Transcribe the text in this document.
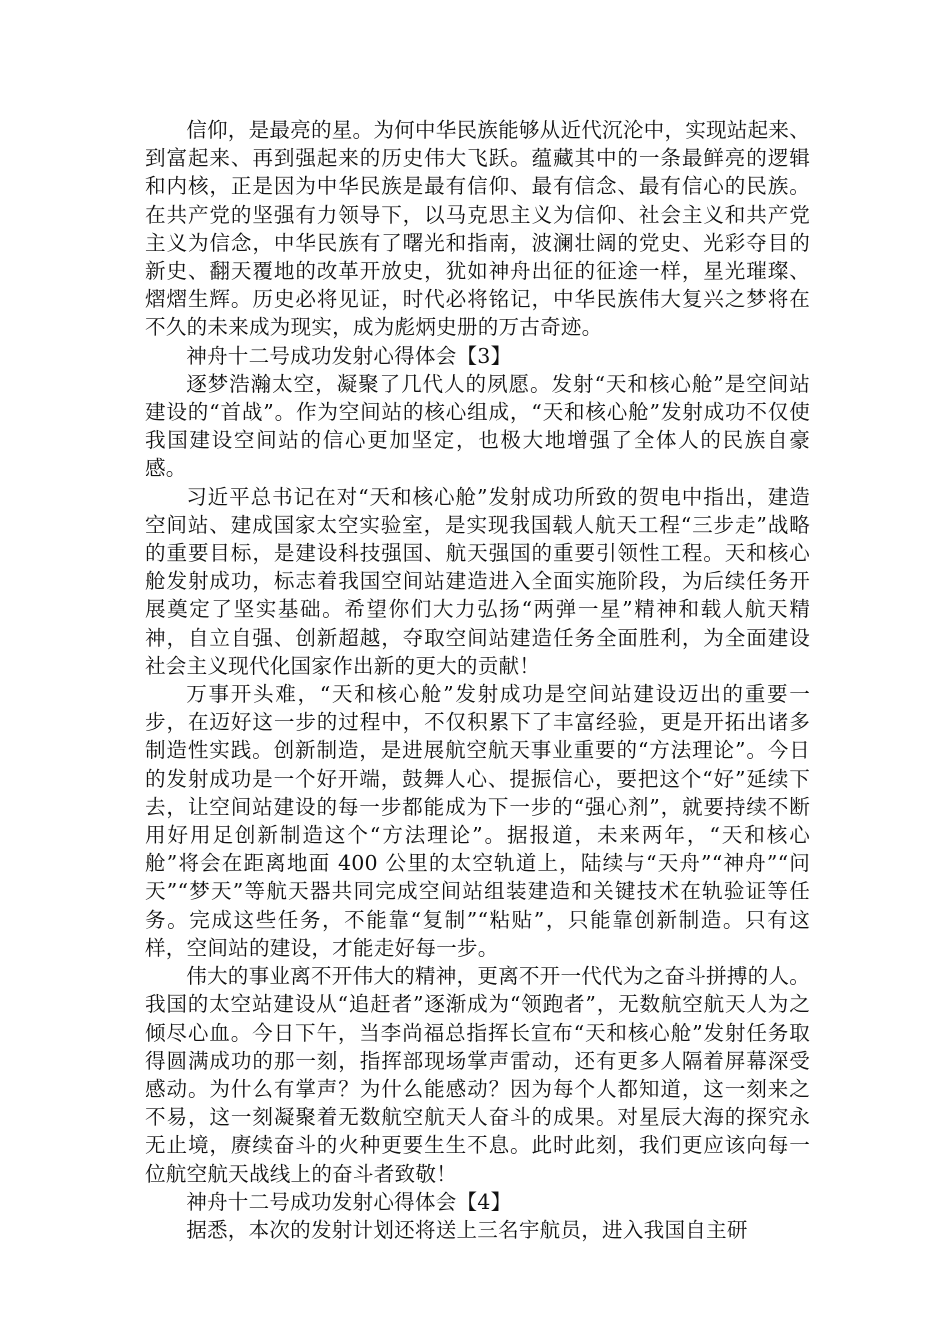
信仰，是最亮的星。为何中华民族能够从近代沉沦中，实现站起来、到富起来、再到强起来的历史伟大飞跃。蕴藏其中的一条最鲜亮的逻辑和内核，正是因为中华民族是最有信仰、最有信念、最有信心的民族。在共产党的坚强有力领导下，以马克思主义为信仰、社会主义和共产党主义为信念，中华民族有了曙光和指南，波澜壮阔的党史、光彩夺目的新史、翻天覆地的改革开放史，犹如神舟出征的征途一样，星光璀璨、熠熠生辉。历史必将见证，时代必将铭记，中华民族伟大复兴之梦将在不久的未来成为现实，成为彪炳史册的万古奇迹。

神舟十二号成功发射心得体会【3】

逐梦浩瀚太空，凝聚了几代人的夙愿。发射“天和核心舱”是空间站建设的“首战”。作为空间站的核心组成，“天和核心舱”发射成功不仅使我国建设空间站的信心更加坚定，也极大地增强了全体人的民族自豪感。

习近平总书记在对“天和核心舱”发射成功所致的贺电中指出，建造空间站、建成国家太空实验室，是实现我国载人航天工程“三步走”战略的重要目标，是建设科技强国、航天强国的重要引领性工程。天和核心舱发射成功，标志着我国空间站建造进入全面实施阶段，为后续任务开展奠定了坚实基础。希望你们大力弘扬“两弹一星”精神和载人航天精神，自立自强、创新超越，夺取空间站建造任务全面胜利，为全面建设社会主义现代化国家作出新的更大的贡献！

万事开头难，“天和核心舱”发射成功是空间站建设迈出的重要一步，在迈好这一步的过程中，不仅积累下了丰富经验，更是开拓出诸多制造性实践。创新制造，是进展航空航天事业重要的“方法理论”。今日的发射成功是一个好开端，鼓舞人心、提振信心，要把这个“好”延续下去，让空间站建设的每一步都能成为下一步的“强心剂”，就要持续不断用好用足创新制造这个“方法理论”。据报道，未来两年，“天和核心舱”将会在距离地面 400 公里的太空轨道上，陆续与“天舟”“神舟”“问天”“梦天”等航天器共同完成空间站组装建造和关键技术在轨验证等任务。完成这些任务，不能靠“复制”“粘贴”，只能靠创新制造。只有这样，空间站的建设，才能走好每一步。

伟大的事业离不开伟大的精神，更离不开一代代为之奋斗拼搏的人。我国的太空站建设从“追赶者”逐渐成为“领跑者”，无数航空航天人为之倾尽心血。今日下午，当李尚福总指挥长宣布“天和核心舱”发射任务取得圆满成功的那一刻，指挥部现场掌声雷动，还有更多人隔着屏幕深受感动。为什么有掌声？为什么能感动？因为每个人都知道，这一刻来之不易，这一刻凝聚着无数航空航天人奋斗的成果。对星辰大海的探究永无止境，赓续奋斗的火种更要生生不息。此时此刻，我们更应该向每一位航空航天战线上的奋斗者致敬！

神舟十二号成功发射心得体会【4】

据悉，本次的发射计划还将送上三名宇航员，进入我国自主研
